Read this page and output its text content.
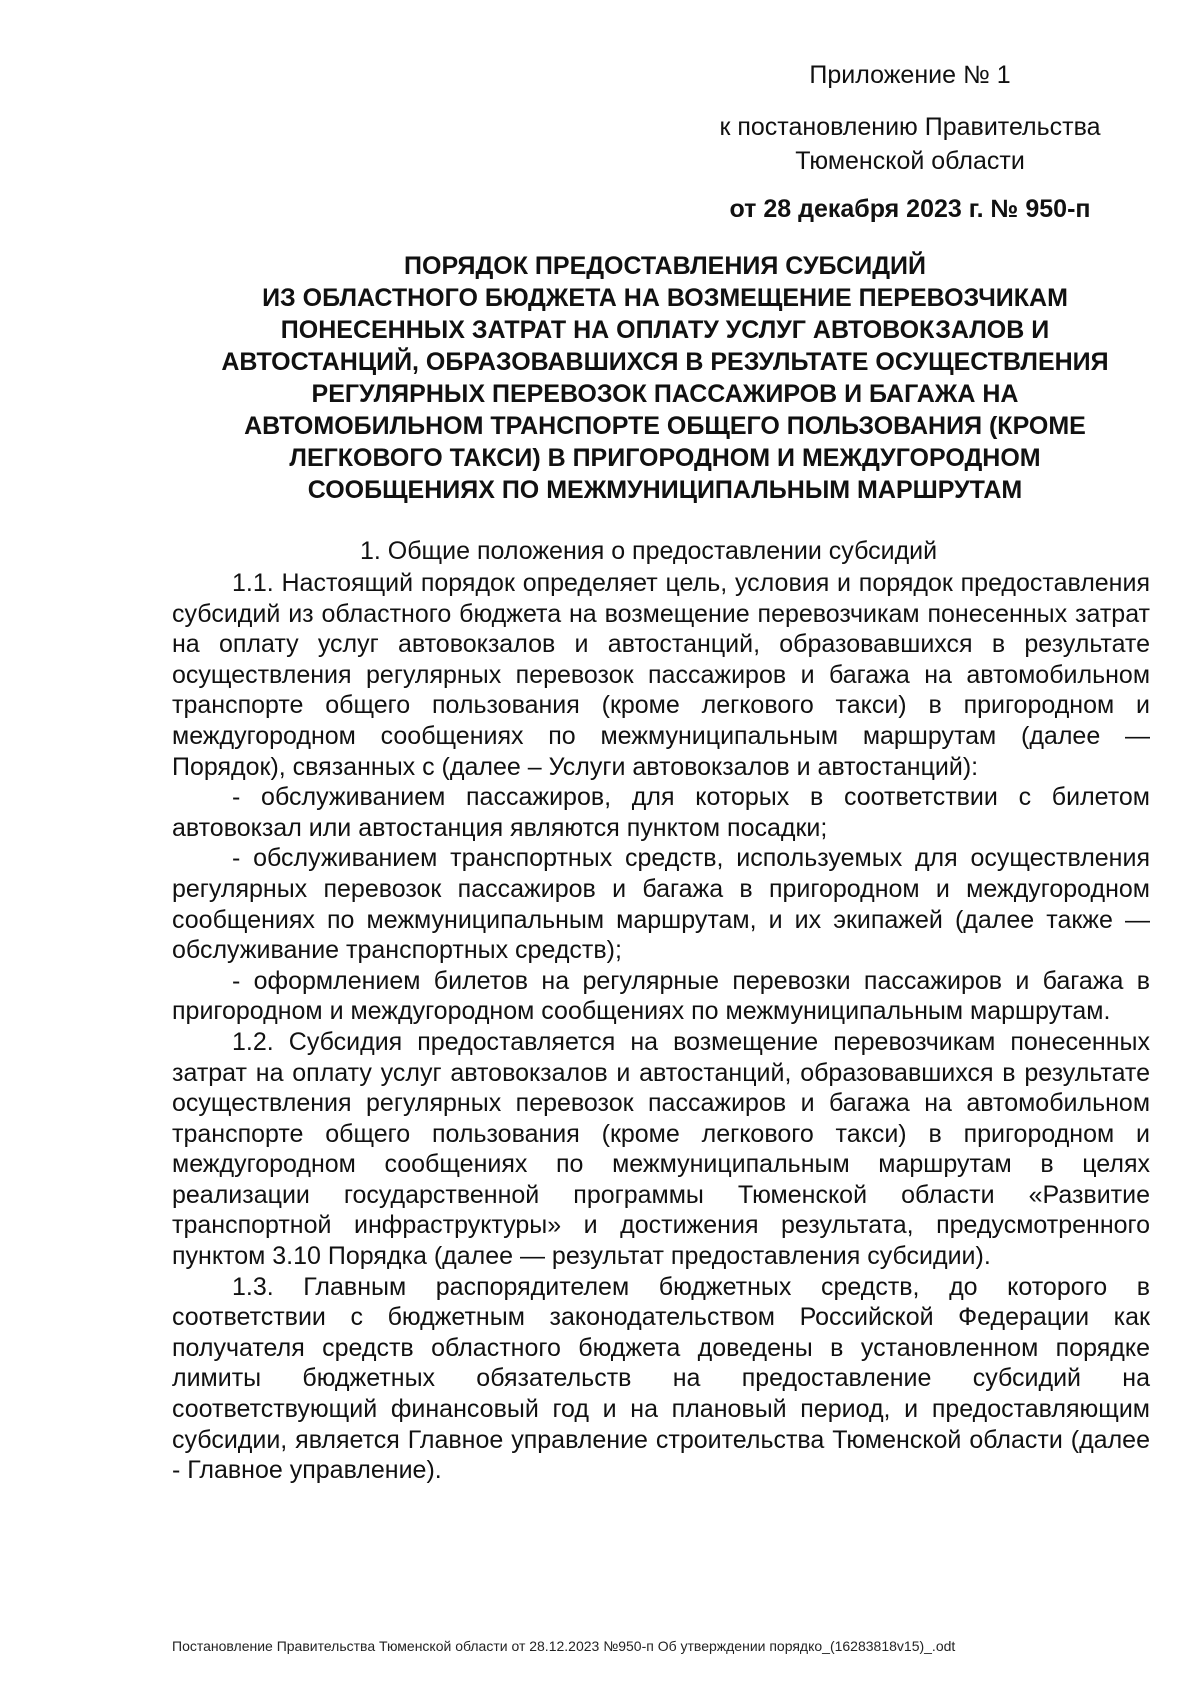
Приложение № 1
к постановлению Правительства
Тюменской области
от 28 декабря 2023 г. № 950-п
ПОРЯДОК ПРЕДОСТАВЛЕНИЯ СУБСИДИЙ
ИЗ ОБЛАСТНОГО БЮДЖЕТА НА ВОЗМЕЩЕНИЕ ПЕРЕВОЗЧИКАМ
ПОНЕСЕННЫХ ЗАТРАТ НА ОПЛАТУ УСЛУГ АВТОВОКЗАЛОВ И
АВТОСТАНЦИЙ, ОБРАЗОВАВШИХСЯ В РЕЗУЛЬТАТЕ ОСУЩЕСТВЛЕНИЯ
РЕГУЛЯРНЫХ ПЕРЕВОЗОК ПАССАЖИРОВ И БАГАЖА НА
АВТОМОБИЛЬНОМ ТРАНСПОРТЕ ОБЩЕГО ПОЛЬЗОВАНИЯ (КРОМЕ
ЛЕГКОВОГО ТАКСИ) В ПРИГОРОДНОМ И МЕЖДУГОРОДНОМ
СООБЩЕНИЯХ ПО МЕЖМУНИЦИПАЛЬНЫМ МАРШРУТАМ
1. Общие положения о предоставлении субсидий

1.1. Настоящий порядок определяет цель, условия и порядок предоставления субсидий из областного бюджета на возмещение перевозчикам понесенных затрат на оплату услуг автовокзалов и автостанций, образовавшихся в результате осуществления регулярных перевозок пассажиров и багажа на автомобильном транспорте общего пользования (кроме легкового такси) в пригородном и междугородном сообщениях по межмуниципальным маршрутам (далее — Порядок), связанных с (далее – Услуги автовокзалов и автостанций):

- обслуживанием пассажиров, для которых в соответствии с билетом автовокзал или автостанция являются пунктом посадки;

- обслуживанием транспортных средств, используемых для осуществления регулярных перевозок пассажиров и багажа в пригородном и междугородном сообщениях по межмуниципальным маршрутам, и их экипажей (далее также — обслуживание транспортных средств);

- оформлением билетов на регулярные перевозки пассажиров и багажа в пригородном и междугородном сообщениях по межмуниципальным маршрутам.

1.2. Субсидия предоставляется на возмещение перевозчикам понесенных затрат на оплату услуг автовокзалов и автостанций, образовавшихся в результате осуществления регулярных перевозок пассажиров и багажа на автомобильном транспорте общего пользования (кроме легкового такси) в пригородном и междугородном сообщениях по межмуниципальным маршрутам в целях реализации государственной программы Тюменской области «Развитие транспортной инфраструктуры» и достижения результата, предусмотренного пунктом 3.10 Порядка (далее — результат предоставления субсидии).

1.3. Главным распорядителем бюджетных средств, до которого в соответствии с бюджетным законодательством Российской Федерации как получателя средств областного бюджета доведены в установленном порядке лимиты бюджетных обязательств на предоставление субсидий на соответствующий финансовый год и на плановый период, и предоставляющим субсидии, является Главное управление строительства Тюменской области (далее - Главное управление).

Постановление Правительства Тюменской области от 28.12.2023 №950-п Об утверждении порядко_(16283818v15)_.odt
